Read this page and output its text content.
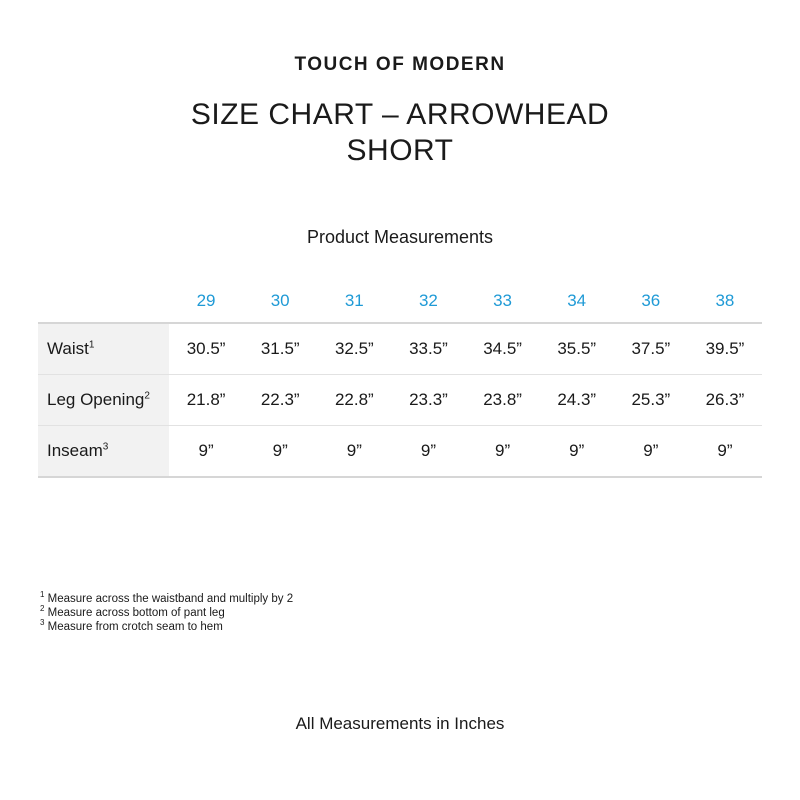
TOUCH OF MODERN
SIZE CHART – ARROWHEAD
SHORT
Product Measurements
	29	30	31	32	33	34	36	38
Waist$^1$	30.5”	31.5”	32.5”	33.5”	34.5”	35.5”	37.5”	39.5”
Leg Opening$^2$	21.8”	22.3”	22.8”	23.3”	23.8”	24.3”	25.3”	26.3”
Inseam$^3$	9”	9”	9”	9”	9”	9”	9”	9”
$^1$ Measure across the waistband and multiply by 2
$^2$ Measure across bottom of pant leg
$^3$ Measure from crotch seam to hem
All Measurements in Inches
